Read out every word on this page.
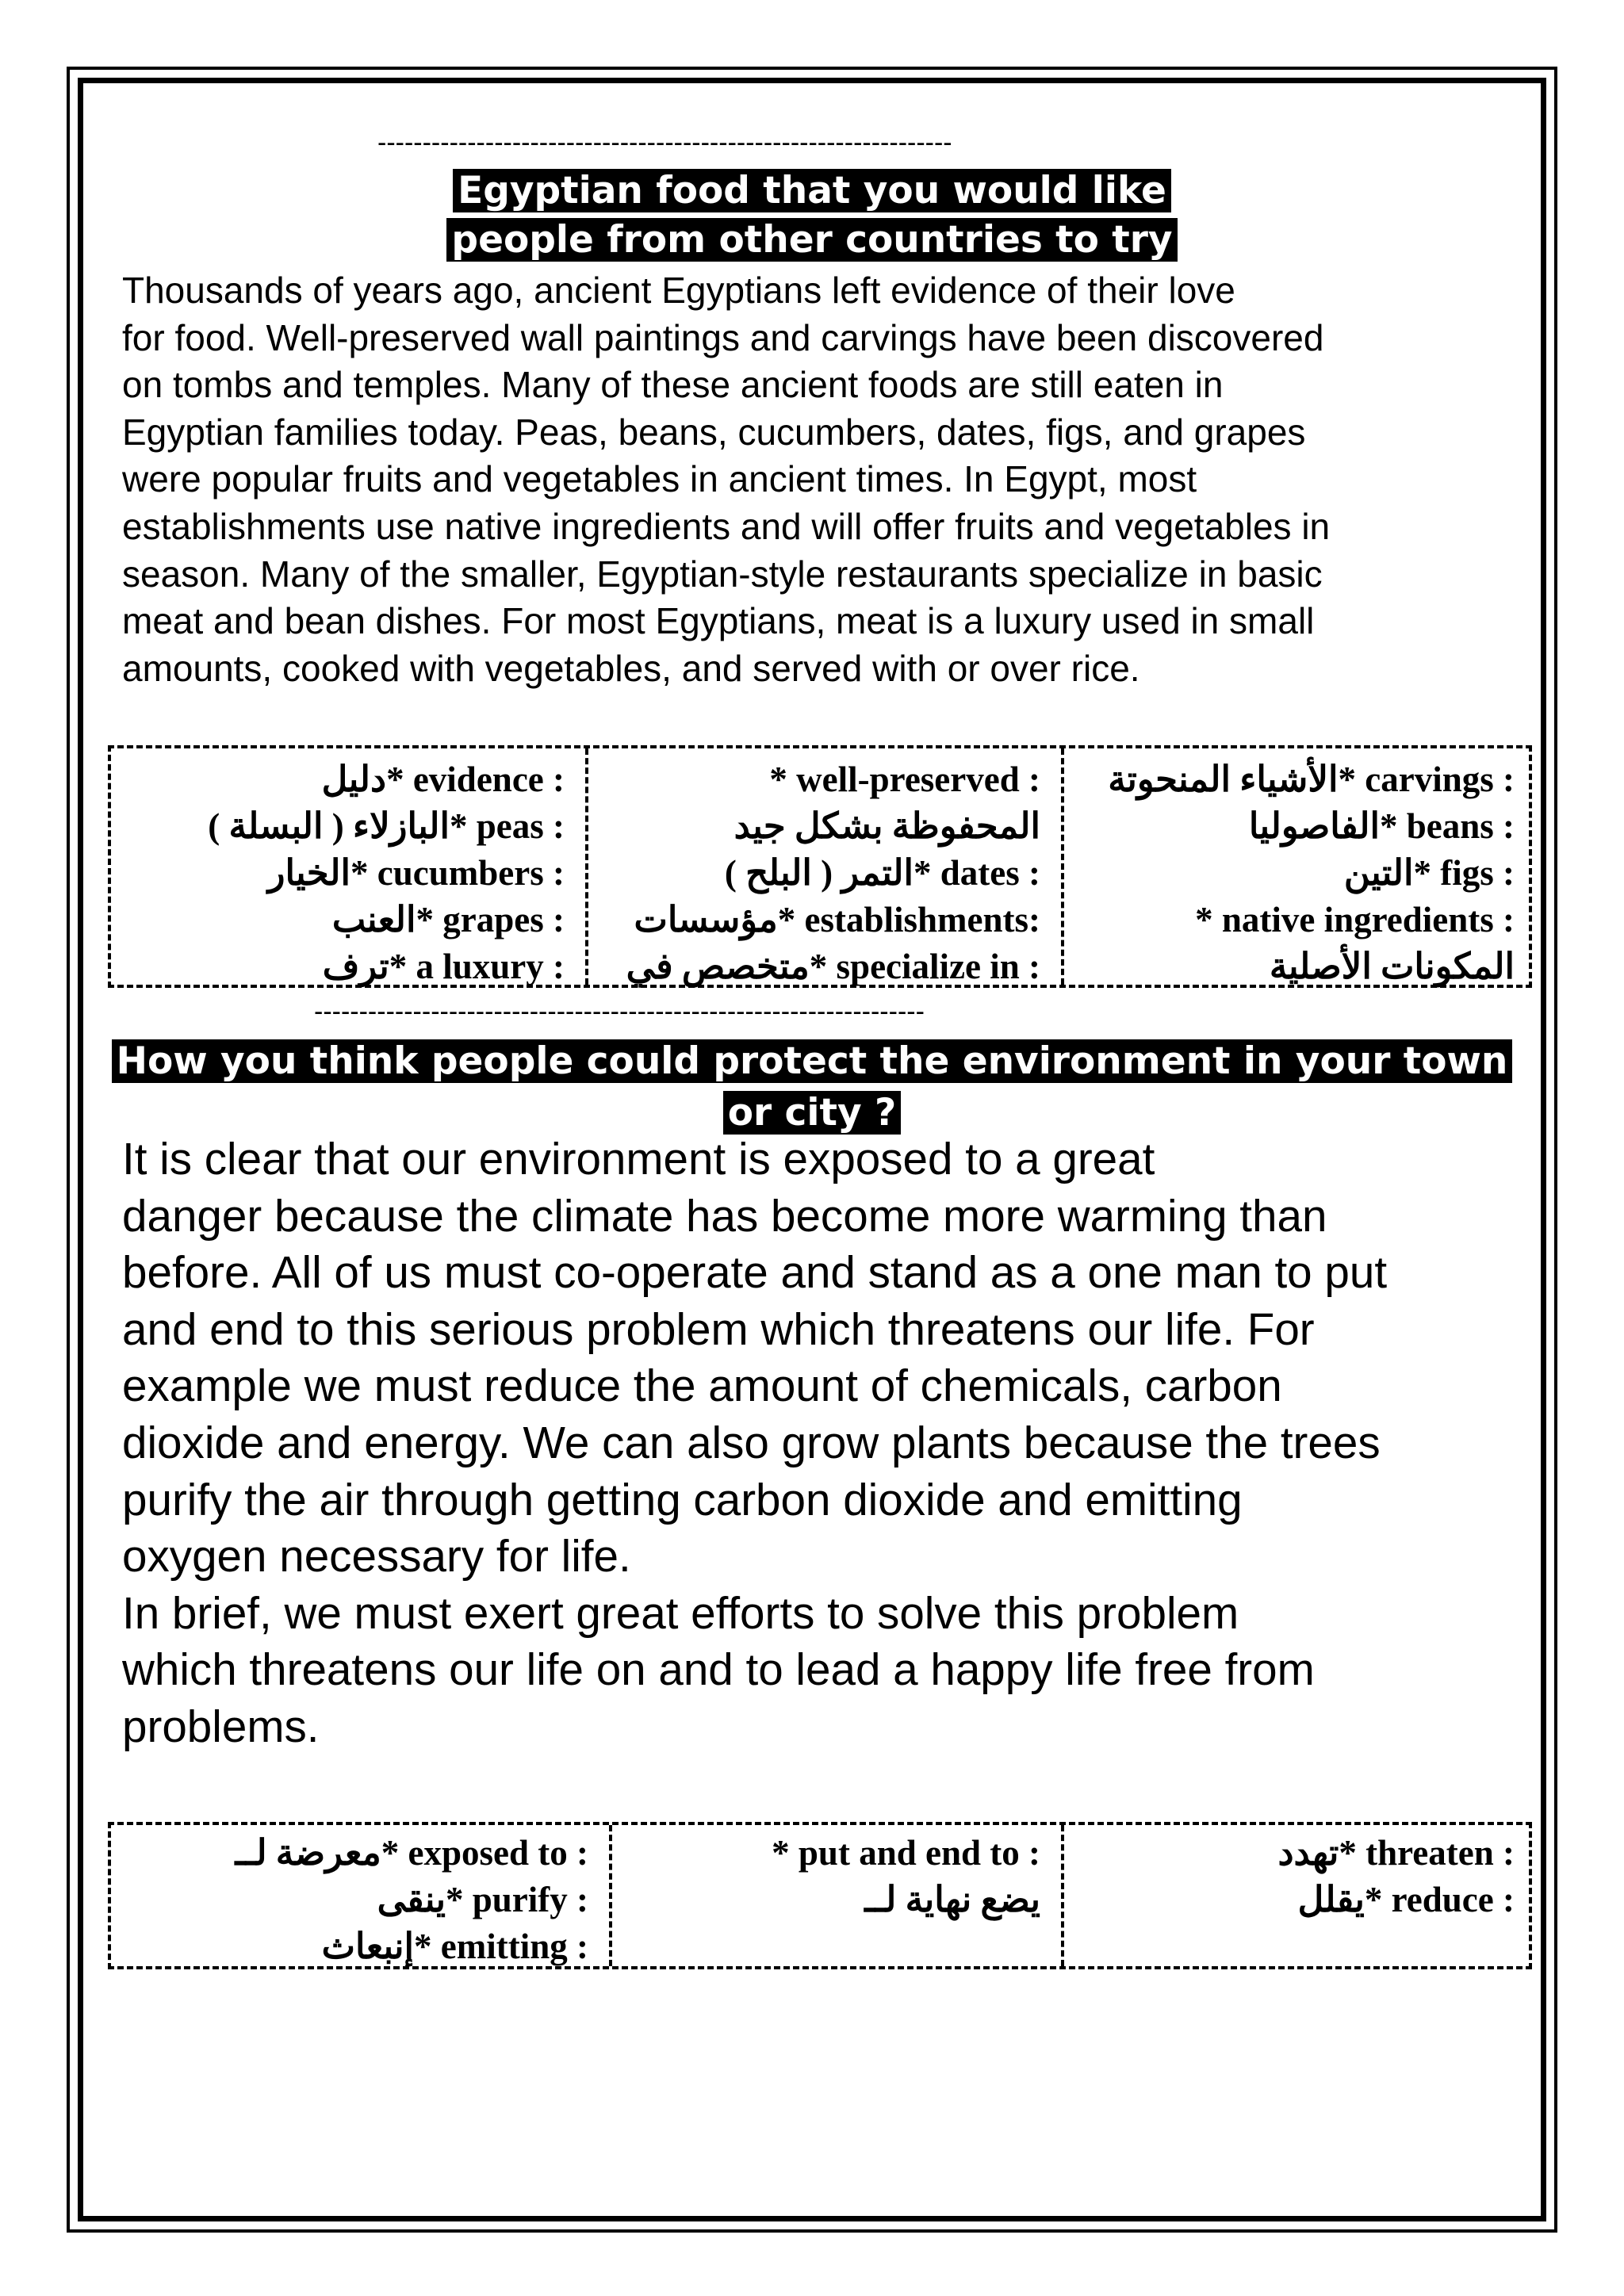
----------------------------------------------------------------
Egyptian food that you would like
people from other countries to try
Thousands of years ago, ancient Egyptians left evidence of their love
for food. Well-preserved wall paintings and carvings have been discovered
on tombs and temples. Many of these ancient foods are still eaten in
Egyptian families today. Peas, beans, cucumbers, dates, figs, and grapes
were popular fruits and vegetables in ancient times. In Egypt, most
establishments use native ingredients and will offer fruits and vegetables in
season. Many of the smaller, Egyptian-style restaurants specialize in basic
meat and bean dishes. For most Egyptians, meat is a luxury used in small
amounts, cooked with vegetables, and served with or over rice.
دليل* evidence :
البازلاء ( البسلة )* peas :
الخيار* cucumbers :
العنب* grapes :
ترف* a luxury :
* well-preserved :
المحفوظة بشكل جيد
التمر ( البلح )* dates :
مؤسسات* establishments:
متخصص في* specialize in :
الأشياء المنحوتة* carvings :
الفاصوليا* beans :
التين* figs :
* native ingredients :
المكونات الأصلية
--------------------------------------------------------------------
How you think people could protect the environment in your town
or city ?
It is clear that our environment is exposed to a great
danger because the climate has become more warming than
before. All of us must co-operate and stand as a one man to put
and end to this serious problem which threatens our life. For
example we must reduce the amount of chemicals, carbon
dioxide and energy. We can also grow plants because the trees
purify the air through getting carbon dioxide and emitting
oxygen necessary for life.
In brief, we must exert great efforts to solve this problem
which threatens our life on and to lead a happy life free from
problems.
معرضة لــ* exposed to :
ينقى* purify :
إنبعاث* emitting :
* put and end to :
يضع نهاية لــ
تهدد* threaten :
يقلل* reduce :
